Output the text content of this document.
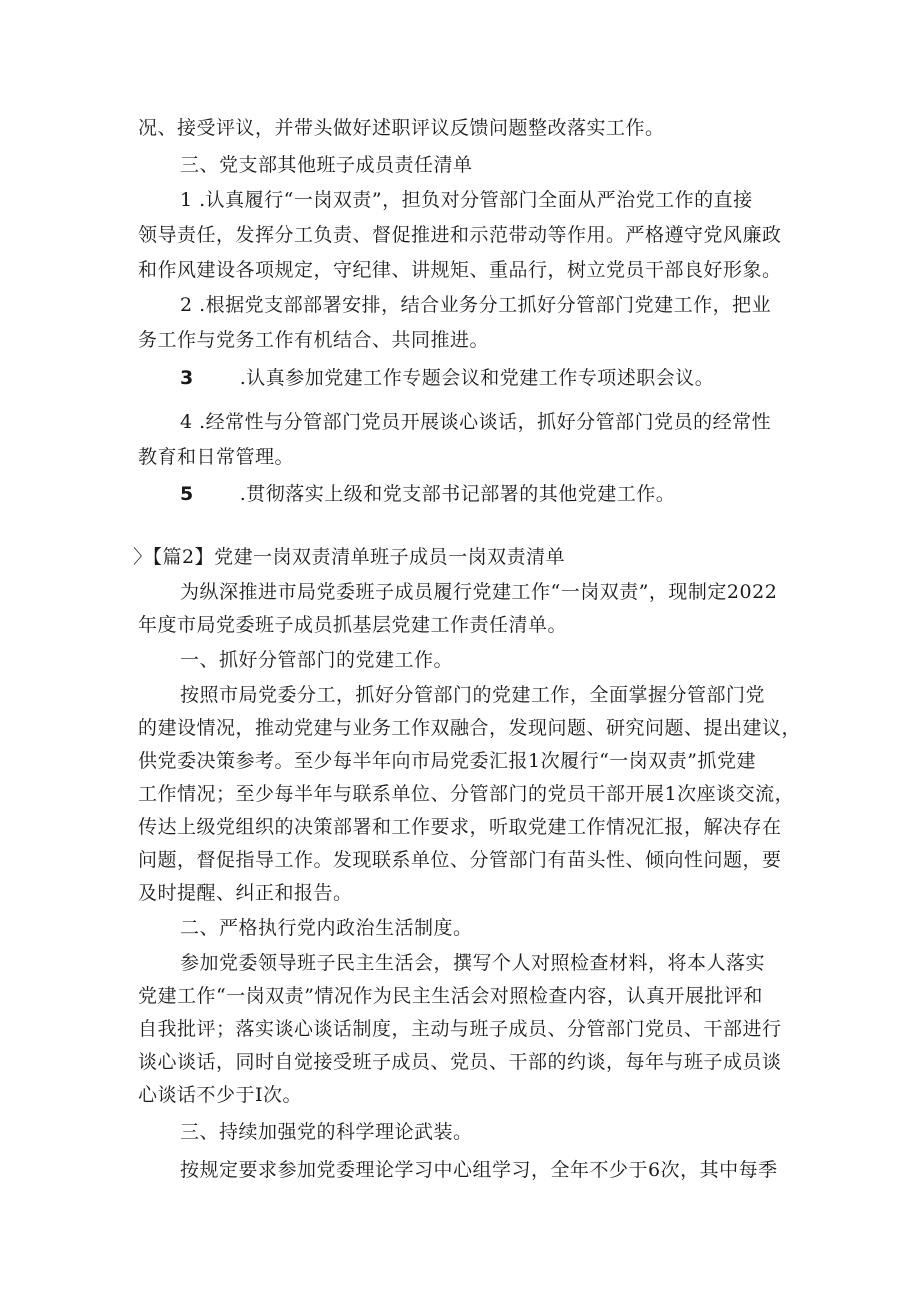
况、接受评议，并带头做好述职评议反馈问题整改落实工作。
三、党支部其他班子成员责任清单
1 .认真履行“一岗双责”，担负对分管部门全面从严治党工作的直接
领导责任，发挥分工负责、督促推进和示范带动等作用。严格遵守党风廉政
和作风建设各项规定，守纪律、讲规矩、重品行，树立党员干部良好形象。
2 .根据党支部部署安排，结合业务分工抓好分管部门党建工作，把业
务工作与党务工作有机结合、共同推进。
3 .认真参加党建工作专题会议和党建工作专项述职会议。
4 .经常性与分管部门党员开展谈心谈话，抓好分管部门党员的经常性
教育和日常管理。
5 .贯彻落实上级和党支部书记部署的其他党建工作。
〉【篇2】党建一岗双责清单班子成员一岗双责清单
为纵深推进市局党委班子成员履行党建工作“一岗双责”，现制定2022
年度市局党委班子成员抓基层党建工作责任清单。
一、抓好分管部门的党建工作。
按照市局党委分工，抓好分管部门的党建工作，全面掌握分管部门党
的建设情况，推动党建与业务工作双融合，发现问题、研究问题、提出建议，
供党委决策参考。至少每半年向市局党委汇报1次履行“一岗双责”抓党建
工作情况；至少每半年与联系单位、分管部门的党员干部开展1次座谈交流，
传达上级党组织的决策部署和工作要求，听取党建工作情况汇报，解决存在
问题，督促指导工作。发现联系单位、分管部门有苗头性、倾向性问题，要
及时提醒、纠正和报告。
二、严格执行党内政治生活制度。
参加党委领导班子民主生活会，撰写个人对照检查材料，将本人落实
党建工作“一岗双责”情况作为民主生活会对照检查内容，认真开展批评和
自我批评；落实谈心谈话制度，主动与班子成员、分管部门党员、干部进行
谈心谈话，同时自觉接受班子成员、党员、干部的约谈，每年与班子成员谈
心谈话不少于I次。
三、持续加强党的科学理论武装。
按规定要求参加党委理论学习中心组学习，全年不少于6次，其中每季
